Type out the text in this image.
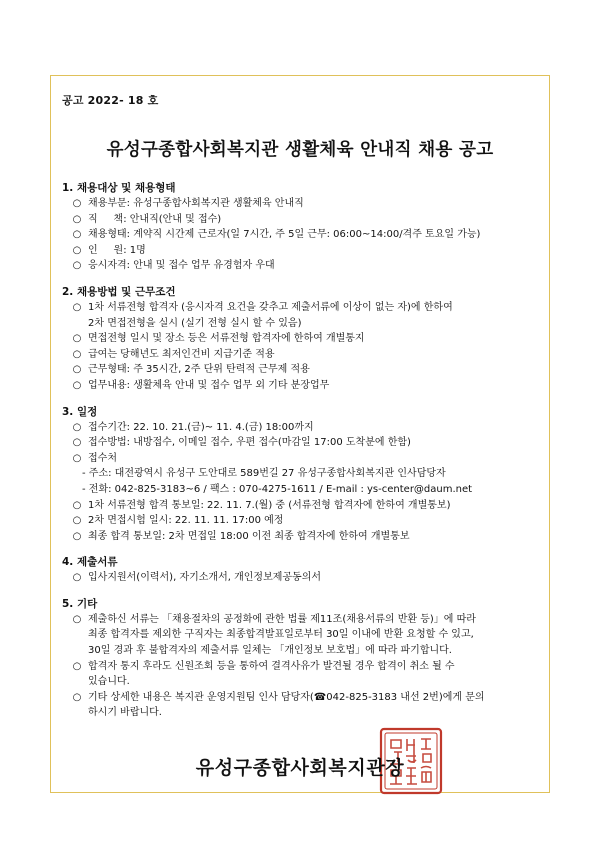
공고 2022- 18 호
유성구종합사회복지관 생활체육 안내직 채용 공고
1. 채용대상 및 채용형태
○ 채용부문: 유성구종합사회복지관 생활체육 안내직
○ 직     책: 안내직(안내 및 접수)
○ 채용형태: 계약직 시간제 근로자(일 7시간, 주 5일 근무: 06:00~14:00/격주 토요일 가능)
○ 인     원: 1명
○ 응시자격: 안내 및 접수 업무 유경험자 우대
2. 채용방법 및 근무조건
○ 1차 서류전형 합격자 (응시자격 요건을 갖추고 제출서류에 이상이 없는 자)에 한하여
2차 면접전형을 실시 (실기 전형 실시 할 수 있음)
○ 면접전형 일시 및 장소 등은 서류전형 합격자에 한하여 개별통지
○ 급여는 당해년도 최저인건비 지급기준 적용
○ 근무형태: 주 35시간, 2주 단위 탄력적 근무제 적용
○ 업무내용: 생활체육 안내 및 접수 업무 외 기타 분장업무
3. 일정
○ 접수기간: 22. 10. 21.(금)~ 11. 4.(금) 18:00까지
○ 접수방법: 내방접수, 이메일 접수, 우편 접수(마감일 17:00 도착분에 한함)
○ 접수처
- 주소: 대전광역시 유성구 도안대로 589번길 27 유성구종합사회복지관 인사담당자
- 전화: 042-825-3183~6 / 팩스 : 070-4275-1611 / E-mail : ys-center@daum.net
○ 1차 서류전형 합격 통보일: 22. 11. 7.(월) 중 (서류전형 합격자에 한하여 개별통보)
○ 2차 면접시험 일시: 22. 11. 11. 17:00 예정
○ 최종 합격 통보일: 2차 면접일 18:00 이전 최종 합격자에 한하여 개별통보
4. 제출서류
○ 입사지원서(이력서), 자기소개서, 개인정보제공동의서
5. 기타
○ 제출하신 서류는 「채용절차의 공정화에 관한 법률 제11조(채용서류의 반환 등)」에 따라
최종 합격자를 제외한 구직자는 최종합격발표일로부터 30일 이내에 반환 요청할 수 있고,
30일 경과 후 불합격자의 제출서류 일체는 「개인정보 보호법」에 따라 파기합니다.
○ 합격자 통지 후라도 신원조회 등을 통하여 결격사유가 발견될 경우 합격이 취소 될 수
있습니다.
○ 기타 상세한 내용은 복지관 운영지원팀 인사 담당자(☎042-825-3183 내선 2번)에게 문의
하시기 바랍니다.
유성구종합사회복지관장
